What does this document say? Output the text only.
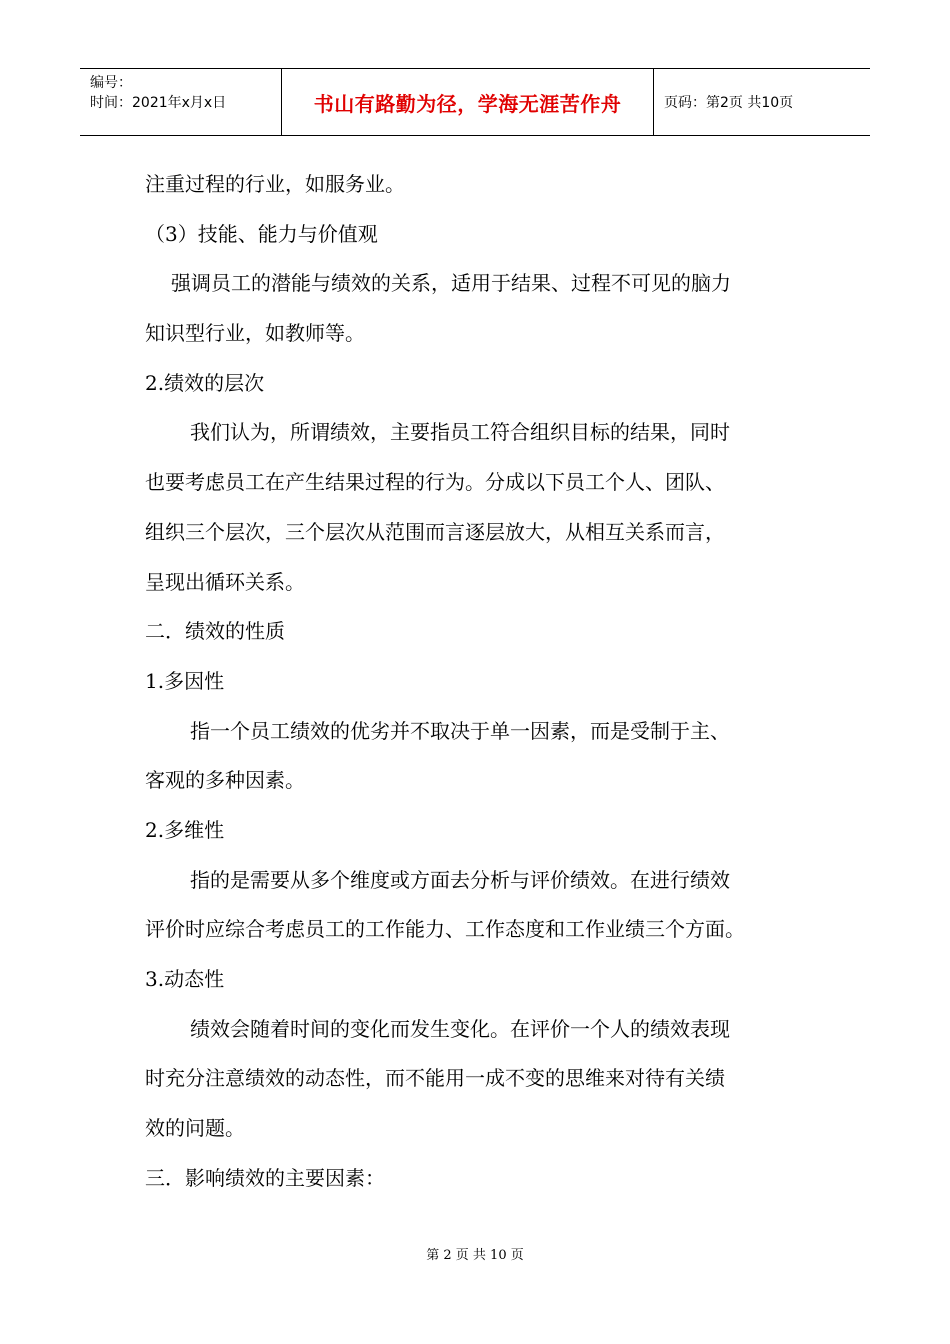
编号：
时间：2021年x月x日	书山有路勤为径，学海无涯苦作舟	页码：第2页 共10页
注重过程的行业，如服务业。
（3）技能、能力与价值观
强调员工的潜能与绩效的关系，适用于结果、过程不可见的脑力
知识型行业，如教师等。
2.绩效的层次
我们认为，所谓绩效，主要指员工符合组织目标的结果，同时
也要考虑员工在产生结果过程的行为。分成以下员工个人、团队、
组织三个层次，三个层次从范围而言逐层放大，从相互关系而言，
呈现出循环关系。
二．绩效的性质
1.多因性
指一个员工绩效的优劣并不取决于单一因素，而是受制于主、
客观的多种因素。
2.多维性
指的是需要从多个维度或方面去分析与评价绩效。在进行绩效
评价时应综合考虑员工的工作能力、工作态度和工作业绩三个方面。
3.动态性
绩效会随着时间的变化而发生变化。在评价一个人的绩效表现
时充分注意绩效的动态性，而不能用一成不变的思维来对待有关绩
效的问题。
三．影响绩效的主要因素：
第 2 页 共 10 页
